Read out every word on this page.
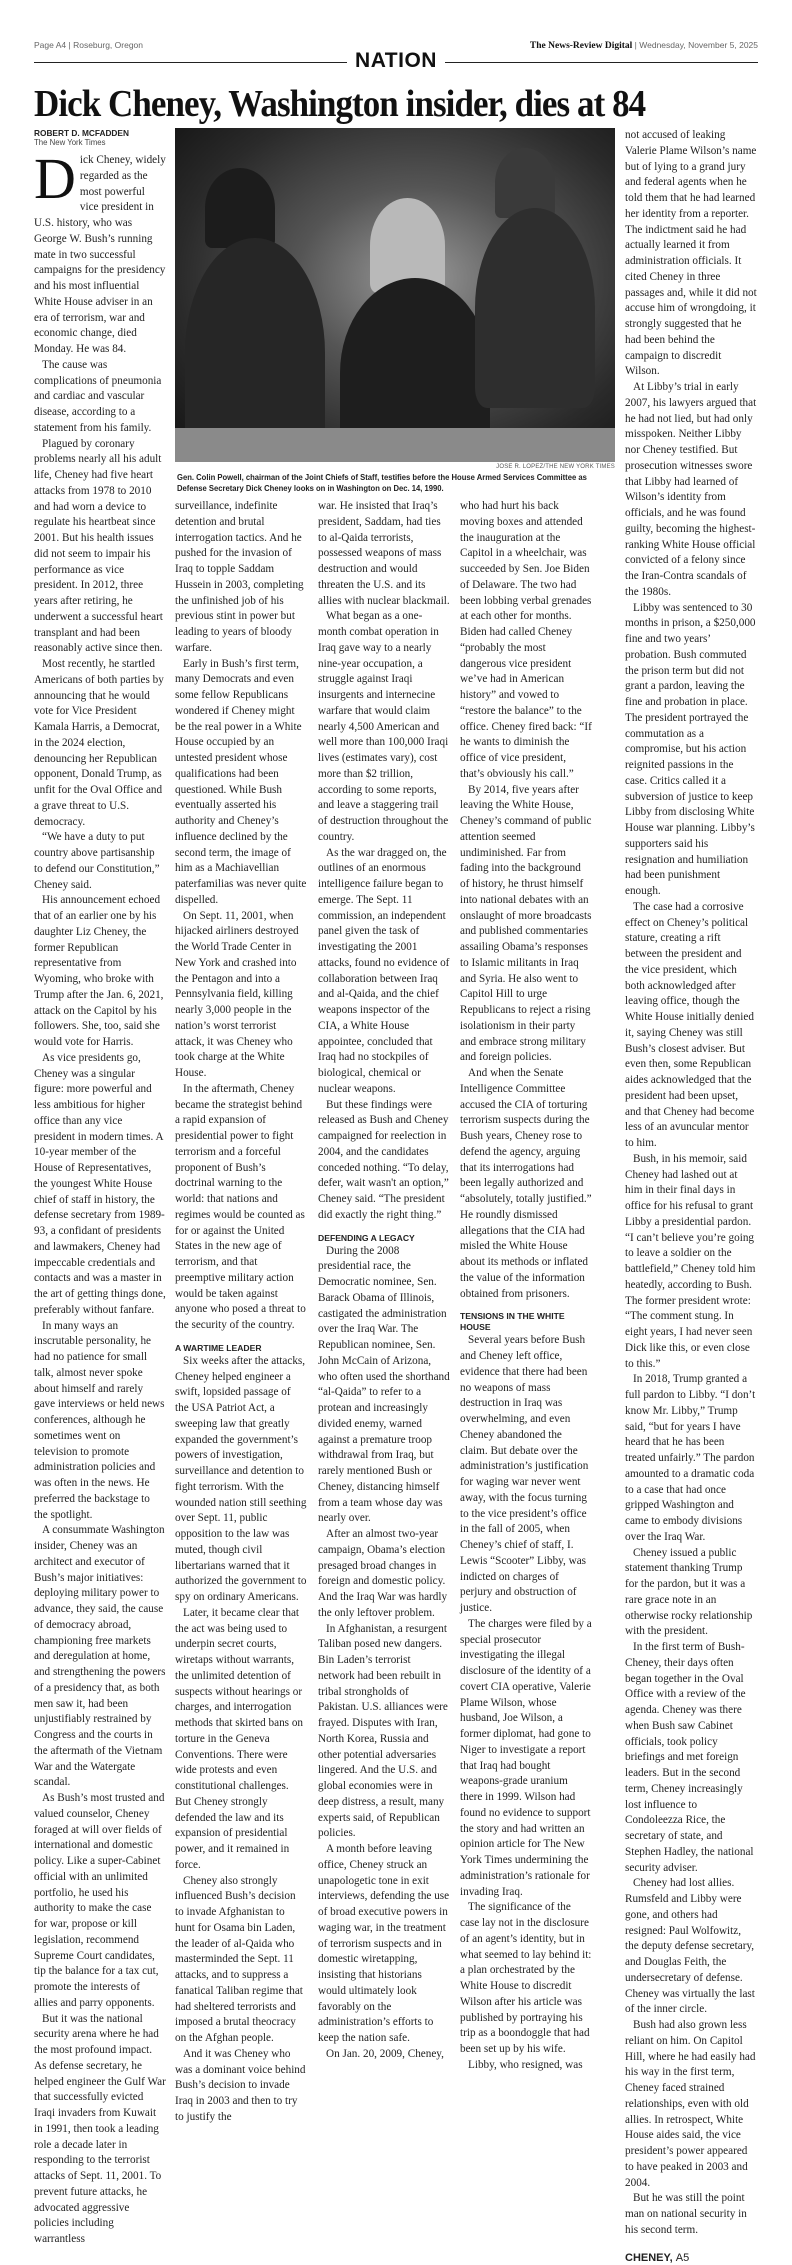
Page A4 | Roseburg, Oregon	The News-Review Digital | Wednesday, November 5, 2025
NATION
Dick Cheney, Washington insider, dies at 84
JOSE R. LOPEZ/THE NEW YORK TIMES
Gen. Colin Powell, chairman of the Joint Chiefs of Staff, testifies before the House Armed Services Committee as Defense Secretary Dick Cheney looks on in Washington on Dec. 14, 1990.
ROBERT D. MCFADDEN
The New York Times

Dick Cheney, widely regarded as the most powerful vice president in U.S. history, who was George W. Bush’s running mate in two successful campaigns for the presidency and his most influential White House adviser in an era of terrorism, war and economic change, died Monday. He was 84.

The cause was complications of pneumonia and cardiac and vascular disease, according to a statement from his family.

Plagued by coronary problems nearly all his adult life, Cheney had five heart attacks from 1978 to 2010 and had worn a device to regulate his heartbeat since 2001. But his health issues did not seem to impair his performance as vice president. In 2012, three years after retiring, he underwent a successful heart transplant and had been reasonably active since then.

Most recently, he startled Americans of both parties by announcing that he would vote for Vice President Kamala Harris, a Democrat, in the 2024 election, denouncing her Republican opponent, Donald Trump, as unfit for the Oval Office and a grave threat to U.S. democracy.

“We have a duty to put country above partisanship to defend our Constitution,” Cheney said.

His announcement echoed that of an earlier one by his daughter Liz Cheney, the former Republican representative from Wyoming, who broke with Trump after the Jan. 6, 2021, attack on the Capitol by his followers. She, too, said she would vote for Harris.

As vice presidents go, Cheney was a singular figure: more powerful and less ambitious for higher office than any vice president in modern times. A 10-year member of the House of Representatives, the youngest White House chief of staff in history, the defense secretary from 1989-93, a confidant of presidents and lawmakers, Cheney had impeccable credentials and contacts and was a master in the art of getting things done, preferably without fanfare.

In many ways an inscrutable personality, he had no patience for small talk, almost never spoke about himself and rarely gave interviews or held news conferences, although he sometimes went on television to promote administration policies and was often in the news. He preferred the backstage to the spotlight.

A consummate Washington insider, Cheney was an architect and executor of Bush’s major initiatives: deploying military power to advance, they said, the cause of democracy abroad, championing free markets and deregulation at home, and strengthening the powers of a presidency that, as both men saw it, had been unjustifiably restrained by Congress and the courts in the aftermath of the Vietnam War and the Watergate scandal.

As Bush’s most trusted and valued counselor, Cheney foraged at will over fields of international and domestic policy. Like a super-Cabinet official with an unlimited portfolio, he used his authority to make the case for war, propose or kill legislation, recommend Supreme Court candidates, tip the balance for a tax cut, promote the interests of allies and parry opponents.

But it was the national security arena where he had the most profound impact. As defense secretary, he helped engineer the Gulf War that successfully evicted Iraqi invaders from Kuwait in 1991, then took a leading role a decade later in responding to the terrorist attacks of Sept. 11, 2001. To prevent future attacks, he advocated aggressive policies including warrantless

surveillance, indefinite detention and brutal interrogation tactics. And he pushed for the invasion of Iraq to topple Saddam Hussein in 2003, completing the unfinished job of his previous stint in power but leading to years of bloody warfare.

Early in Bush’s first term, many Democrats and even some fellow Republicans wondered if Cheney might be the real power in a White House occupied by an untested president whose qualifications had been questioned. While Bush eventually asserted his authority and Cheney’s influence declined by the second term, the image of him as a Machiavellian paterfamilias was never quite dispelled.

On Sept. 11, 2001, when hijacked airliners destroyed the World Trade Center in New York and crashed into the Pentagon and into a Pennsylvania field, killing nearly 3,000 people in the nation’s worst terrorist attack, it was Cheney who took charge at the White House.

In the aftermath, Cheney became the strategist behind a rapid expansion of presidential power to fight terrorism and a forceful proponent of Bush’s doctrinal warning to the world: that nations and regimes would be counted as for or against the United States in the new age of terrorism, and that preemptive military action would be taken against anyone who posed a threat to the security of the country.

A WARTIME LEADER

Six weeks after the attacks, Cheney helped engineer a swift, lopsided passage of the USA Patriot Act, a sweeping law that greatly expanded the government’s powers of investigation, surveillance and detention to fight terrorism. With the wounded nation still seething over Sept. 11, public opposition to the law was muted, though civil libertarians warned that it authorized the government to spy on ordinary Americans.

Later, it became clear that the act was being used to underpin secret courts, wiretaps without warrants, the unlimited detention of suspects without hearings or charges, and interrogation methods that skirted bans on torture in the Geneva Conventions. There were wide protests and even constitutional challenges. But Cheney strongly defended the law and its expansion of presidential power, and it remained in force.

Cheney also strongly influenced Bush’s decision to invade Afghanistan to hunt for Osama bin Laden, the leader of al-Qaida who masterminded the Sept. 11 attacks, and to suppress a fanatical Taliban regime that had sheltered terrorists and imposed a brutal theocracy on the Afghan people.

And it was Cheney who was a dominant voice behind Bush’s decision to invade Iraq in 2003 and then to try to justify the

war. He insisted that Iraq’s president, Saddam, had ties to al-Qaida terrorists, possessed weapons of mass destruction and would threaten the U.S. and its allies with nuclear blackmail.

What began as a one-month combat operation in Iraq gave way to a nearly nine-year occupation, a struggle against Iraqi insurgents and internecine warfare that would claim nearly 4,500 American and well more than 100,000 Iraqi lives (estimates vary), cost more than $2 trillion, according to some reports, and leave a staggering trail of destruction throughout the country.

As the war dragged on, the outlines of an enormous intelligence failure began to emerge. The Sept. 11 commission, an independent panel given the task of investigating the 2001 attacks, found no evidence of collaboration between Iraq and al-Qaida, and the chief weapons inspector of the CIA, a White House appointee, concluded that Iraq had no stockpiles of biological, chemical or nuclear weapons.

But these findings were released as Bush and Cheney campaigned for reelection in 2004, and the candidates conceded nothing. “To delay, defer, wait wasn't an option,” Cheney said. “The president did exactly the right thing.”

DEFENDING A LEGACY

During the 2008 presidential race, the Democratic nominee, Sen. Barack Obama of Illinois, castigated the administration over the Iraq War. The Republican nominee, Sen. John McCain of Arizona, who often used the shorthand “al-Qaida” to refer to a protean and increasingly divided enemy, warned against a premature troop withdrawal from Iraq, but rarely mentioned Bush or Cheney, distancing himself from a team whose day was nearly over.

After an almost two-year campaign, Obama’s election presaged broad changes in foreign and domestic policy. And the Iraq War was hardly the only leftover problem.

In Afghanistan, a resurgent Taliban posed new dangers. Bin Laden’s terrorist network had been rebuilt in tribal strongholds of Pakistan. U.S. alliances were frayed. Disputes with Iran, North Korea, Russia and other potential adversaries lingered. And the U.S. and global economies were in deep distress, a result, many experts said, of Republican policies.

A month before leaving office, Cheney struck an unapologetic tone in exit interviews, defending the use of broad executive powers in waging war, in the treatment of terrorism suspects and in domestic wiretapping, insisting that historians would ultimately look favorably on the administration’s efforts to keep the nation safe.

On Jan. 20, 2009, Cheney,

who had hurt his back moving boxes and attended the inauguration at the Capitol in a wheelchair, was succeeded by Sen. Joe Biden of Delaware. The two had been lobbing verbal grenades at each other for months. Biden had called Cheney “probably the most dangerous vice president we’ve had in American history” and vowed to “restore the balance” to the office. Cheney fired back: “If he wants to diminish the office of vice president, that’s obviously his call.”

By 2014, five years after leaving the White House, Cheney’s command of public attention seemed undiminished. Far from fading into the background of history, he thrust himself into national debates with an onslaught of more broadcasts and published commentaries assailing Obama’s responses to Islamic militants in Iraq and Syria. He also went to Capitol Hill to urge Republicans to reject a rising isolationism in their party and embrace strong military and foreign policies.

And when the Senate Intelligence Committee accused the CIA of torturing terrorism suspects during the Bush years, Cheney rose to defend the agency, arguing that its interrogations had been legally authorized and “absolutely, totally justified.” He roundly dismissed allegations that the CIA had misled the White House about its methods or inflated the value of the information obtained from prisoners.

TENSIONS IN THE WHITE HOUSE

Several years before Bush and Cheney left office, evidence that there had been no weapons of mass destruction in Iraq was overwhelming, and even Cheney abandoned the claim. But debate over the administration’s justification for waging war never went away, with the focus turning to the vice president’s office in the fall of 2005, when Cheney’s chief of staff, I. Lewis “Scooter” Libby, was indicted on charges of perjury and obstruction of justice.

The charges were filed by a special prosecutor investigating the illegal disclosure of the identity of a covert CIA operative, Valerie Plame Wilson, whose husband, Joe Wilson, a former diplomat, had gone to Niger to investigate a report that Iraq had bought weapons-grade uranium there in 1999. Wilson had found no evidence to support the story and had written an opinion article for The New York Times undermining the administration’s rationale for invading Iraq.

The significance of the case lay not in the disclosure of an agent’s identity, but in what seemed to lay behind it: a plan orchestrated by the White House to discredit Wilson after his article was published by portraying his trip as a boondoggle that had been set up by his wife.

Libby, who resigned, was

not accused of leaking Valerie Plame Wilson’s name but of lying to a grand jury and federal agents when he told them that he had learned her identity from a reporter. The indictment said he had actually learned it from administration officials. It cited Cheney in three passages and, while it did not accuse him of wrongdoing, it strongly suggested that he had been behind the campaign to discredit Wilson.

At Libby’s trial in early 2007, his lawyers argued that he had not lied, but had only misspoken. Neither Libby nor Cheney testified. But prosecution witnesses swore that Libby had learned of Wilson’s identity from officials, and he was found guilty, becoming the highest-ranking White House official convicted of a felony since the Iran-Contra scandals of the 1980s.

Libby was sentenced to 30 months in prison, a $250,000 fine and two years’ probation. Bush commuted the prison term but did not grant a pardon, leaving the fine and probation in place. The president portrayed the commutation as a compromise, but his action reignited passions in the case. Critics called it a subversion of justice to keep Libby from disclosing White House war planning. Libby’s supporters said his resignation and humiliation had been punishment enough.

The case had a corrosive effect on Cheney’s political stature, creating a rift between the president and the vice president, which both acknowledged after leaving office, though the White House initially denied it, saying Cheney was still Bush’s closest adviser. But even then, some Republican aides acknowledged that the president had been upset, and that Cheney had become less of an avuncular mentor to him.

Bush, in his memoir, said Cheney had lashed out at him in their final days in office for his refusal to grant Libby a presidential pardon. “I can’t believe you’re going to leave a soldier on the battlefield,” Cheney told him heatedly, according to Bush. The former president wrote: “The comment stung. In eight years, I had never seen Dick like this, or even close to this.”

In 2018, Trump granted a full pardon to Libby. “I don’t know Mr. Libby,” Trump said, “but for years I have heard that he has been treated unfairly.” The pardon amounted to a dramatic coda to a case that had once gripped Washington and came to embody divisions over the Iraq War.

Cheney issued a public statement thanking Trump for the pardon, but it was a rare grace note in an otherwise rocky relationship with the president.

In the first term of Bush-Cheney, their days often began together in the Oval Office with a review of the agenda. Cheney was there when Bush saw Cabinet officials, took policy briefings and met foreign leaders. But in the second term, Cheney increasingly lost influence to Condoleezza Rice, the secretary of state, and Stephen Hadley, the national security adviser.

Cheney had lost allies. Rumsfeld and Libby were gone, and others had resigned: Paul Wolfowitz, the deputy defense secretary, and Douglas Feith, the undersecretary of defense. Cheney was virtually the last of the inner circle.

Bush had also grown less reliant on him. On Capitol Hill, where he had easily had his way in the first term, Cheney faced strained relationships, even with old allies. In retrospect, White House aides said, the vice president’s power appeared to have peaked in 2003 and 2004.

But he was still the point man on national security in his second term.

CHENEY, A5
